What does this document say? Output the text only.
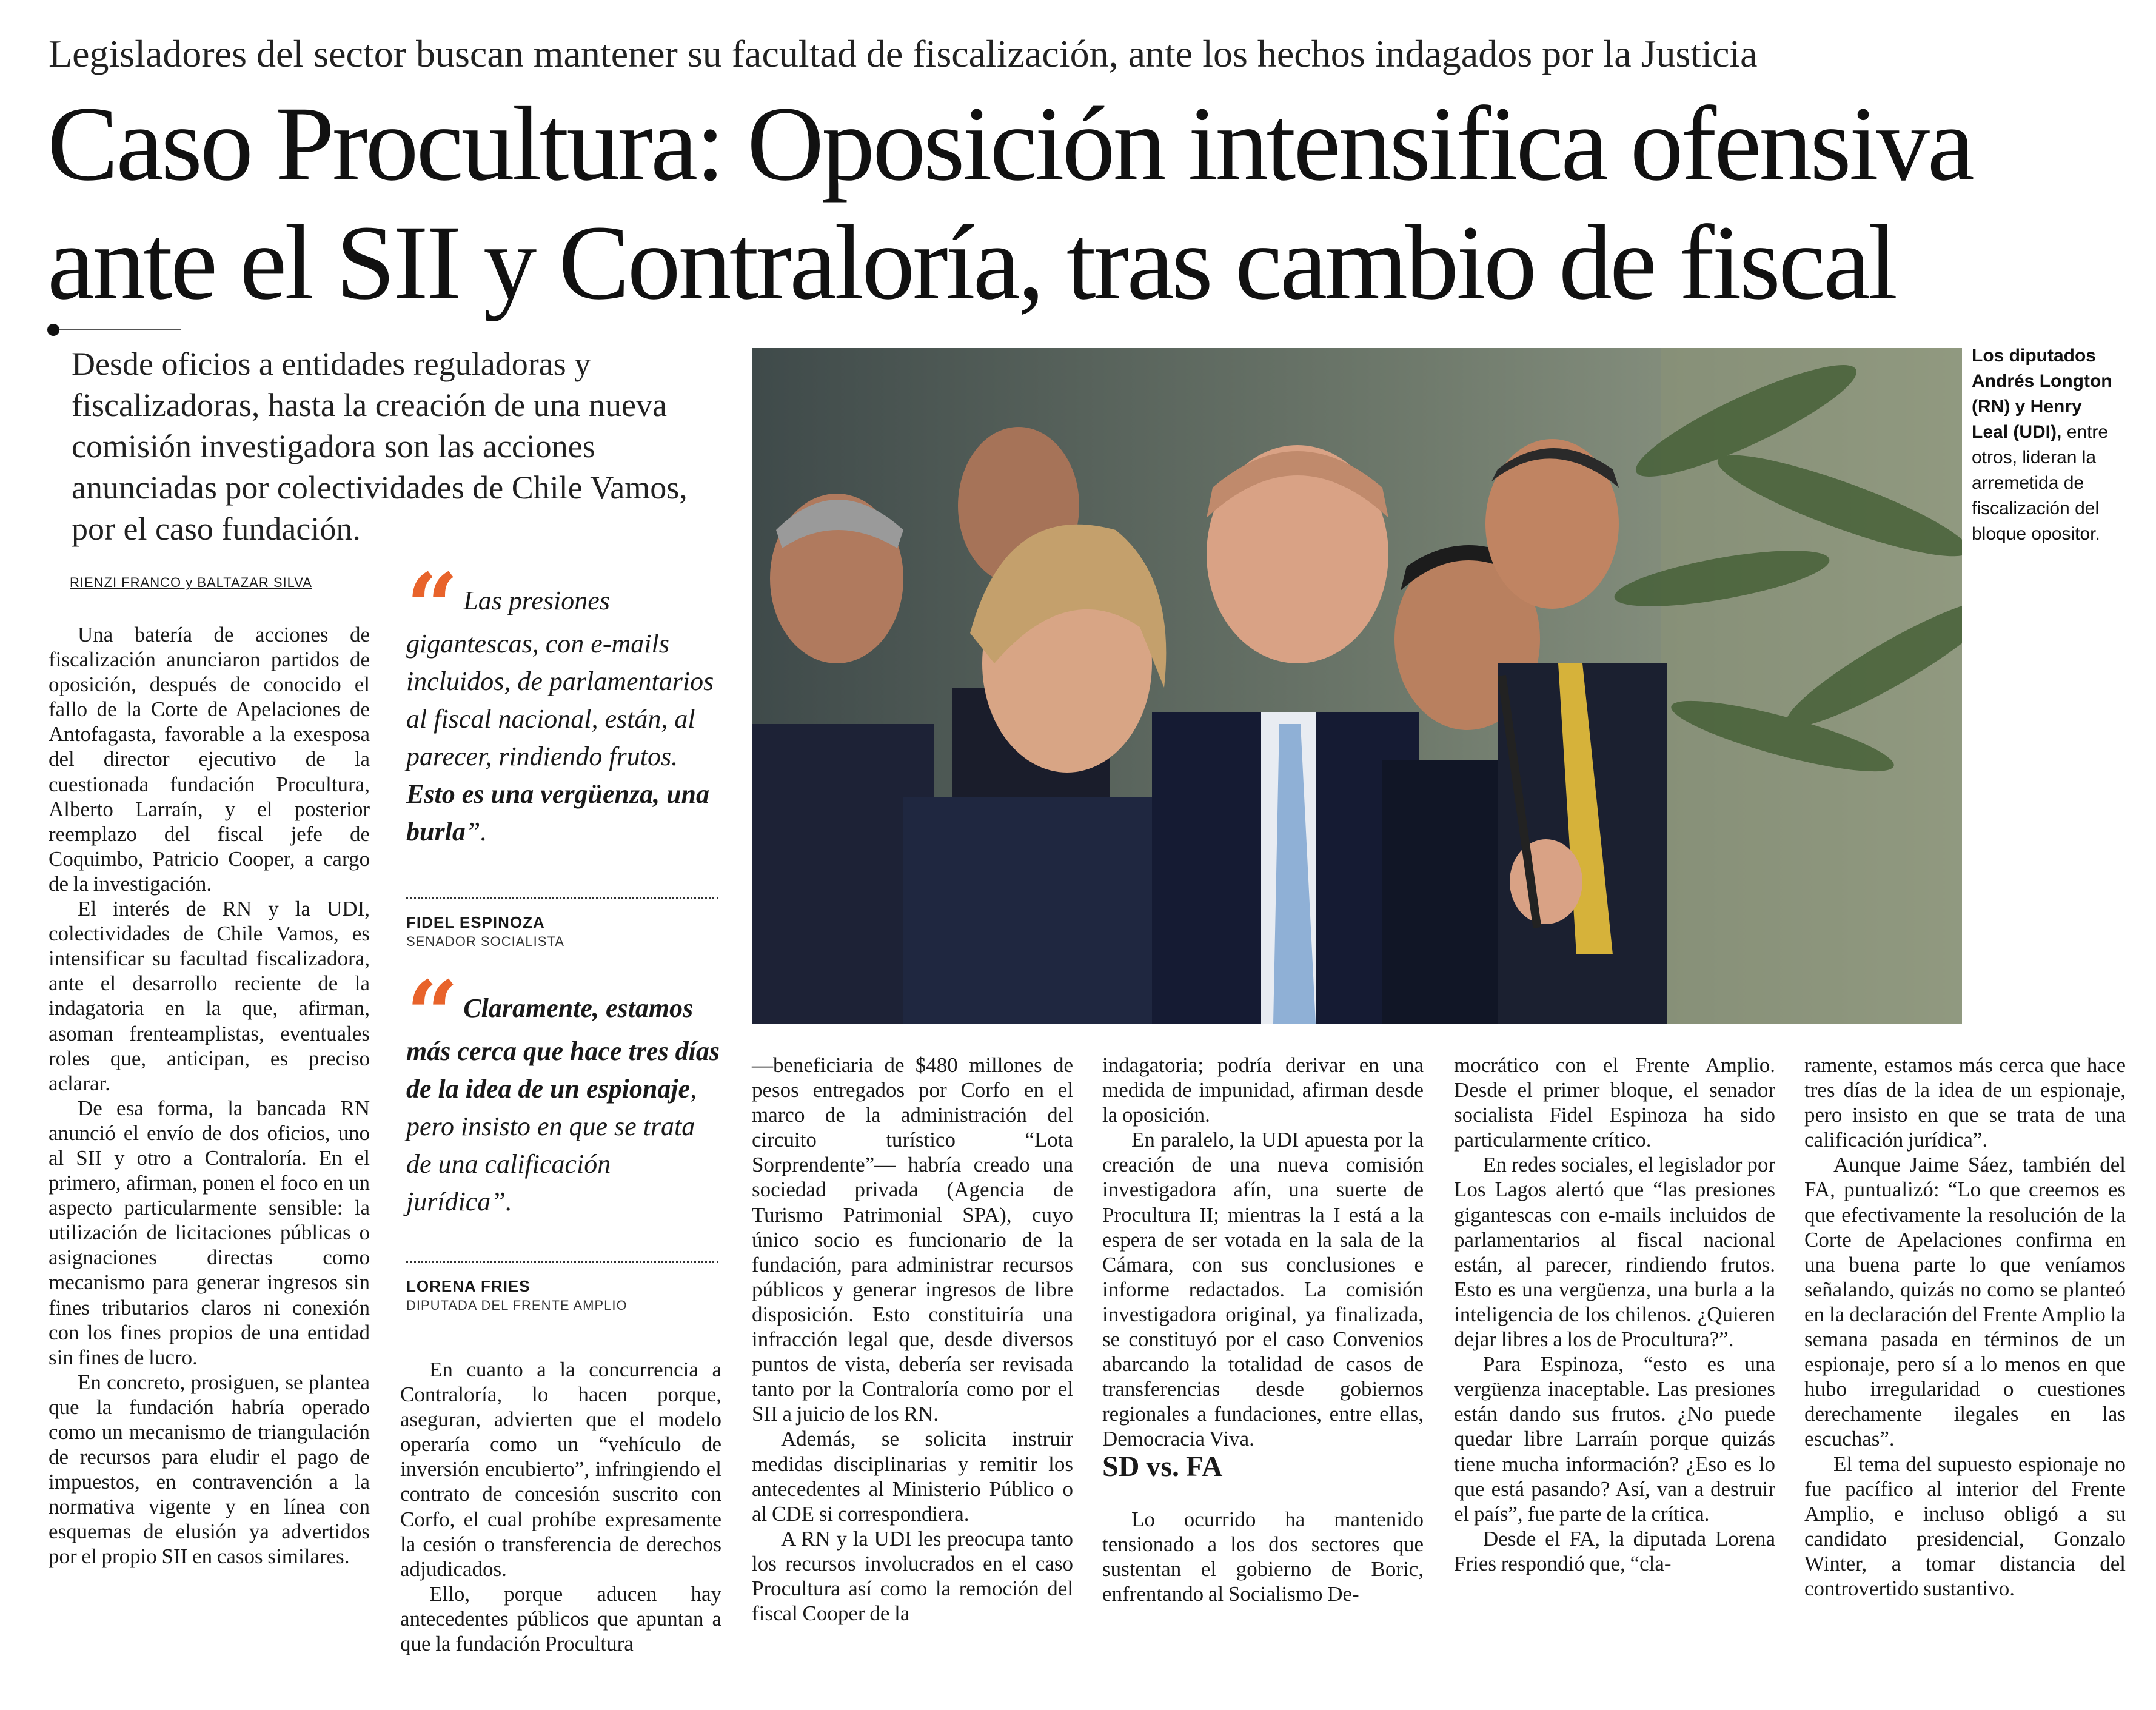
Legisladores del sector buscan mantener su facultad de fiscalización, ante los hechos indagados por la Justicia
Caso Procultura: Oposición intensifica ofensiva
ante el SII y Contraloría, tras cambio de fiscal
Desde oficios a entidades reguladoras y fiscalizadoras, hasta la creación de una nueva comisión investigadora son las acciones anunciadas por colectividades de Chile Vamos, por el caso fundación.
RIENZI FRANCO y BALTAZAR SILVA
Los diputados Andrés Longton (RN) y Henry Leal (UDI), entre otros, lideran la arremetida de fiscalización del bloque opositor.

Una batería de acciones de fiscalización anunciaron partidos de oposición, después de conocido el fallo de la Corte de Apelaciones de Antofagasta, favorable a la exesposa del director ejecutivo de la cuestionada fundación Procultura, Alberto Larraín, y el posterior reemplazo del fiscal jefe de Coquimbo, Patricio Cooper, a cargo de la investigación.

El interés de RN y la UDI, colectividades de Chile Vamos, es intensificar su facultad fiscalizadora, ante el desarrollo reciente de la indagatoria en la que, afirman, asoman frenteamplistas, eventuales roles que, anticipan, es preciso aclarar.

De esa forma, la bancada RN anunció el envío de dos oficios, uno al SII y otro a Contraloría. En el primero, afirman, ponen el foco en un aspecto particularmente sensible: la utilización de licitaciones públicas o asignaciones directas como mecanismo para generar ingresos sin fines tributarios claros ni conexión con los fines propios de una entidad sin fines de lucro.

En concreto, prosiguen, se plantea que la fundación habría operado como un mecanismo de triangulación de recursos para eludir el pago de impuestos, en contravención a la normativa vigente y en línea con esquemas de elusión ya advertidos por el propio SII en casos similares.

“ Las presiones gigantescas, con e-mails incluidos, de parlamentarios al fiscal nacional, están, al parecer, rindiendo frutos. Esto es una vergüenza, una burla”.
FIDEL ESPINOZA
SENADOR SOCIALISTA
“ Claramente, estamos más cerca que hace tres días de la idea de un espionaje, pero insisto en que se trata de una calificación jurídica”.
LORENA FRIES
DIPUTADA DEL FRENTE AMPLIO

En cuanto a la concurrencia a Contraloría, lo hacen porque, aseguran, advierten que el modelo operaría como un “vehículo de inversión encubierto”, infringiendo el contrato de concesión suscrito con Corfo, el cual prohíbe expresamente la cesión o transferencia de derechos adjudicados.

Ello, porque aducen hay antecedentes públicos que apuntan a que la fundación Procultura

—beneficiaria de $480 millones de pesos entregados por Corfo en el marco de la administración del circuito turístico “Lota Sorprendente”— habría creado una sociedad privada (Agencia de Turismo Patrimonial SPA), cuyo único socio es funcionario de la fundación, para administrar recursos públicos y generar ingresos de libre disposición. Esto constituiría una infracción legal que, desde diversos puntos de vista, debería ser revisada tanto por la Contraloría como por el SII a juicio de los RN.

Además, se solicita instruir medidas disciplinarias y remitir los antecedentes al Ministerio Público o al CDE si correspondiera.

A RN y la UDI les preocupa tanto los recursos involucrados en el caso Procultura así como la remoción del fiscal Cooper de la

indagatoria; podría derivar en una medida de impunidad, afirman desde la oposición.

En paralelo, la UDI apuesta por la creación de una nueva comisión investigadora afín, una suerte de Procultura II; mientras la I está a la espera de ser votada en la sala de la Cámara, con sus conclusiones e informe redactados. La comisión investigadora original, ya finalizada, se constituyó por el caso Convenios abarcando la totalidad de casos de transferencias desde gobiernos regionales a fundaciones, entre ellas, Democracia Viva.

SD vs. FA

Lo ocurrido ha mantenido tensionado a los dos sectores que sustentan el gobierno de Boric, enfrentando al Socialismo De-

mocrático con el Frente Amplio. Desde el primer bloque, el senador socialista Fidel Espinoza ha sido particularmente crítico.

En redes sociales, el legislador por Los Lagos alertó que “las presiones gigantescas con e-mails incluidos de parlamentarios al fiscal nacional están, al parecer, rindiendo frutos. Esto es una vergüenza, una burla a la inteligencia de los chilenos. ¿Quieren dejar libres a los de Procultura?”.

Para Espinoza, “esto es una vergüenza inaceptable. Las presiones están dando sus frutos. ¿No puede quedar libre Larraín porque quizás tiene mucha información? ¿Eso es lo que está pasando? Así, van a destruir el país”, fue parte de la crítica.

Desde el FA, la diputada Lorena Fries respondió que, “cla-

ramente, estamos más cerca que hace tres días de la idea de un espionaje, pero insisto en que se trata de una calificación jurídica”.

Aunque Jaime Sáez, también del FA, puntualizó: “Lo que creemos es que efectivamente la resolución de la Corte de Apelaciones confirma en una buena parte lo que veníamos señalando, quizás no como se planteó en la declaración del Frente Amplio la semana pasada en términos de un espionaje, pero sí a lo menos en que hubo irregularidad o cuestiones derechamente ilegales en las escuchas”.

El tema del supuesto espionaje no fue pacífico al interior del Frente Amplio, e incluso obligó a su candidato presidencial, Gonzalo Winter, a tomar distancia del controvertido sustantivo.
